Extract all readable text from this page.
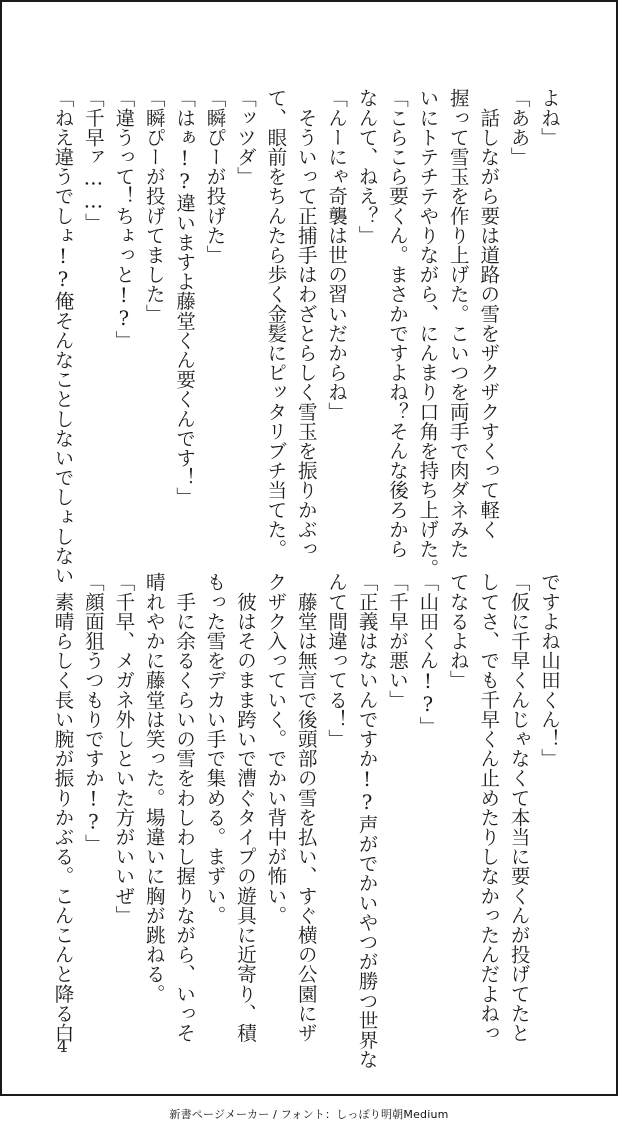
よね」
「ああ」
　話しながら要は道路の雪をザクザクすくって軽く
握って雪玉を作り上げた。こいつを両手で肉ダネみた
いにトテチテやりながら、にんまり口角を持ち上げた。
「こらこら要くん。まさかですよね？そんな後ろから
なんて、ねえ？」
「んーにゃ奇襲は世の習いだからね」
　そういって正捕手はわざとらしく雪玉を振りかぶっ
て、眼前をちんたら歩く金髪にピッタリブチ当てた。
「ッツダ」
「瞬ぴーが投げた」
「はぁ!?違いますよ藤堂くん要くんです！」
「瞬ぴーが投げてました」
「違うって！ちょっと!?」
「千早ァ……」
「ねえ違うでしょ!?俺そんなことしないでしょしない
ですよね山田くん！」
「仮に千早くんじゃなくて本当に要くんが投げてたと
してさ、でも千早くん止めたりしなかったんだよねっ
てなるよね」
「山田くん!?」
「千早が悪い」
「正義はないんですか!?声がでかいやつが勝つ世界な
んて間違ってる！」
　藤堂は無言で後頭部の雪を払い、すぐ横の公園にザ
クザク入っていく。でかい背中が怖い。
　彼はそのまま跨いで漕ぐタイプの遊具に近寄り、積
もった雪をデカい手で集める。まずい。
　手に余るくらいの雪をわしわし握りながら、いっそ
晴れやかに藤堂は笑った。場違いに胸が跳ねる。
「千早、メガネ外しといた方がいいぜ」
「顔面狙うつもりですか!?」
　素晴らしく長い腕が振りかぶる。こんこんと降る白
4
新書ページメーカー / フォント：しっぽり明朝Medium
